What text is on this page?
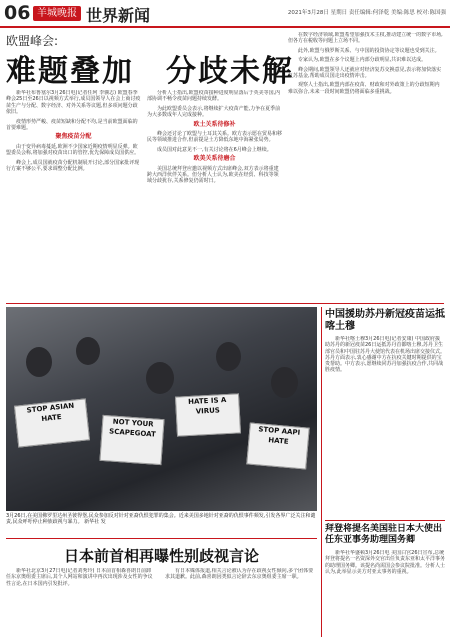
06 羊城晚报 世界新闻	2021年3月28日 星期日 责任编辑:何泽乾 美编:陈思 校对:陈国强
欧盟峰会:
难题叠加　分歧未解

新华社布鲁塞尔3月26日电(记者任珂 李骥志) 欧盟春季峰会25日至26日以视频方式举行,成员国领导人在会上商讨疫苗生产与分配、数字经济、对外关系等议题,但多项问题分歧依旧。

疫情形势严峻、疫苗短缺和分配不均,是当前欧盟面临的首要难题。

聚焦疫苗分配

由于变异病毒蔓延,欧洲不少国家近期疫情明显反弹。欧盟委员会称,将加强对疫苗出口的管控,优先保障成员国供应。

峰会上,成员国就疫苗分配机制展开讨论,部分国家批评现行方案不够公平,要求调整分配比例。

分析人士指出,欧盟疫苗接种进度明显落后于英美等国,内部协调不畅令疫苗问题持续发酵。

为此欧盟委员会表示,将继续扩大疫苗产能,力争在夏季前为大多数成年人完成接种。

欧土关系待修补

峰会还讨论了欧盟与土耳其关系。欧方表示愿在贸易和移民等领域推进合作,但前提是土方降低东地中海紧张局势。

成员国对此意见不一,有关讨论将在6月峰会上继续。

欧美关系待磨合

美国总统拜登应邀以视频方式出席峰会,双方表示将重建跨大西洋伙伴关系。但分析人士认为,欧美在经贸、科技等领域分歧犹存,关系修复仍需时日。

在数字经济领域,欧盟希望加强技术主权,推动建立统一的数字市场,但各方在税收等问题上立场不同。

此外,欧盟与俄罗斯关系、与中国的投资协定等议题也受到关注。

专家认为,欧盟在多个议题上内部分歧明显,共识难以达成。

峰会期间,欧盟领导人还就应对经济复苏交换意见,表示将加快落实复苏基金,帮助成员国走出疫情冲击。

观察人士指出,欧盟内部在疫苗、财政和对外政策上的分歧短期内难以弥合,未来一段时间欧盟仍将面临多重挑战。

STOP ASIAN HATE	NOT YOUR SCAPEGOAT
HATE IS A VIRUS
STOP AAPI HATE
3月26日,在美国佛罗里达州圣彼得堡,民众参加反对针对亚裔仇恨犯罪的集会。近来美国多地针对亚裔的仇恨事件频发,引发各界广泛关注和谴责,民众呼吁停止种族歧视与暴力。 新华社 发
日本前首相再曝性别歧视言论

新华社北京3月27日电(记者刘秀玲) 日本前首相森喜朗日前卸任东京奥组委主席后,其个人网站和演讲中再次出现涉及女性的争议性言论,在日本国内引发批评。

有日本媒体报道,相关言论被认为存在歧视女性倾向,多个团体要求其道歉。此前,森喜朗因类似言论辞去东京奥组委主席一职。

中国援助苏丹新冠疫苗运抵喀土穆

新华社喀土穆3月26日电(记者安康) 中国政府援助苏丹的新冠疫苗26日运抵苏丹首都喀土穆,苏丹卫生部官员和中国驻苏丹大使馆代表在机场出席交接仪式。苏丹方面表示,衷心感谢中方在抗疫关键时期提供的宝贵帮助。中方表示,愿继续同苏丹加强抗疫合作,共同战胜疫情。

拜登将提名美国驻日本大使出任东亚事务助理国务卿

新华社华盛顿3月26日电 美国白宫26日宣布,总统拜登将提名一名资深外交官出任负责东亚和太平洋事务的助理国务卿。该提名尚需国会参议院批准。分析人士认为,此举显示美方对亚太事务的重视。
